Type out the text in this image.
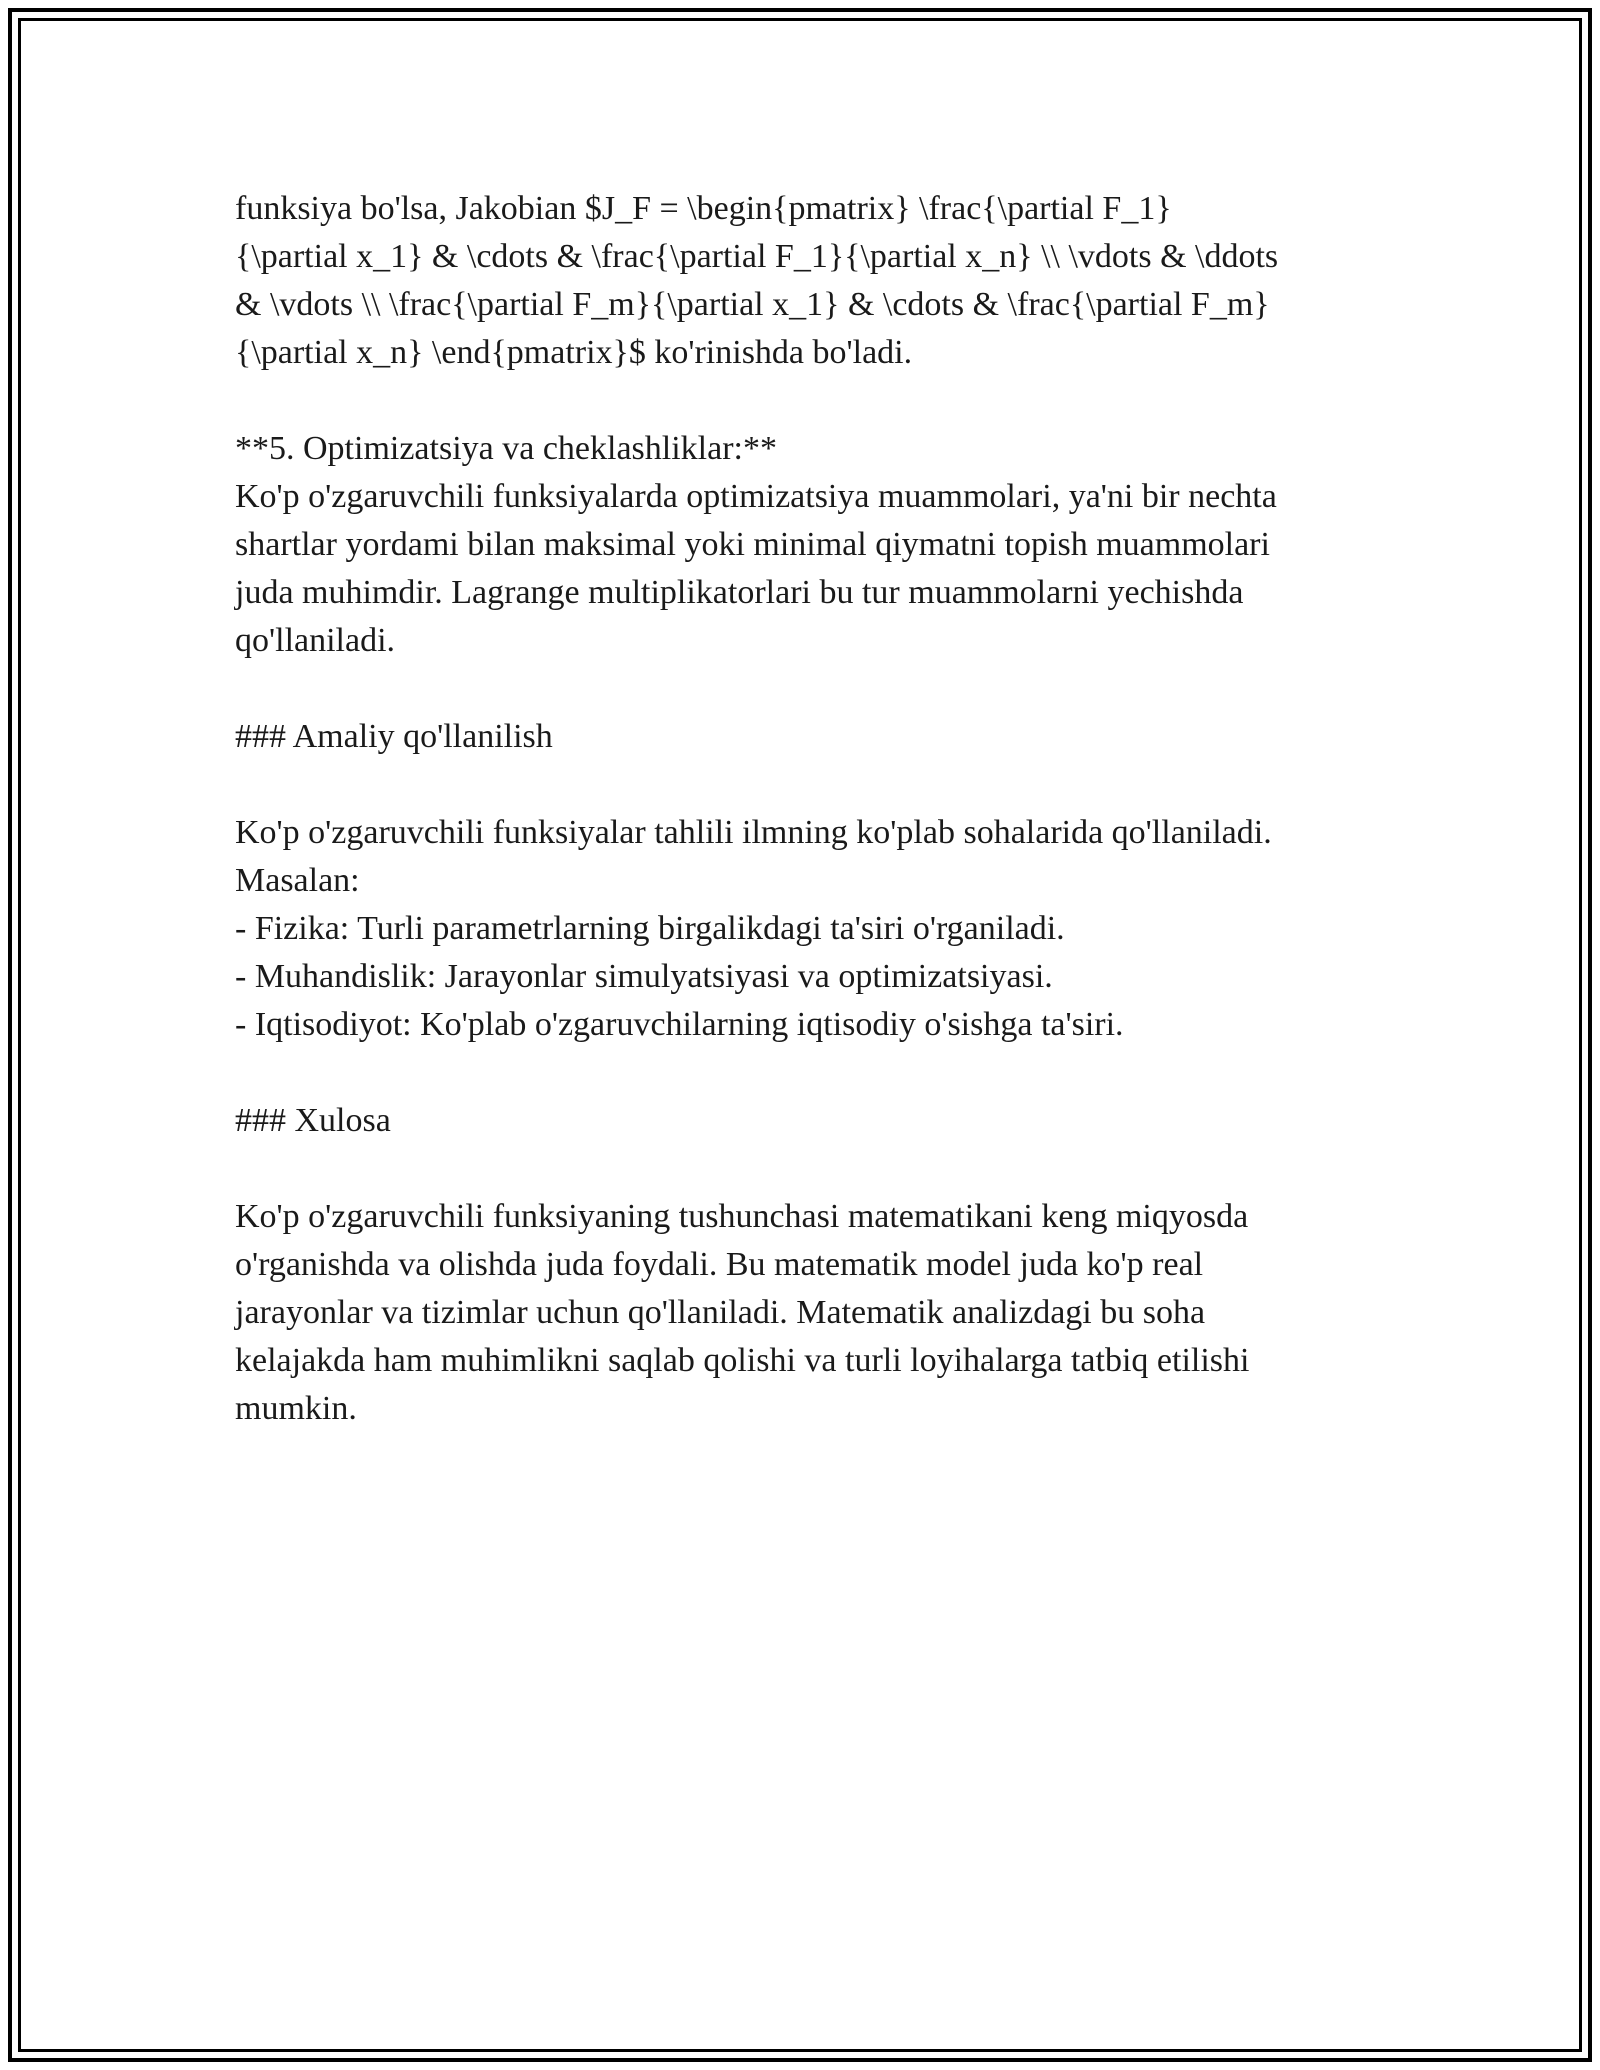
funksiya bo'lsa, Jakobian $J_F = \begin{pmatrix} \frac{\partial F_1}

{\partial x_1} & \cdots & \frac{\partial F_1}{\partial x_n} \\ \vdots & \ddots

& \vdots \\ \frac{\partial F_m}{\partial x_1} & \cdots & \frac{\partial F_m}

{\partial x_n} \end{pmatrix}$ ko'rinishda bo'ladi.

**5. Optimizatsiya va cheklashliklar:**

Ko'p o'zgaruvchili funksiyalarda optimizatsiya muammolari, ya'ni bir nechta

shartlar yordami bilan maksimal yoki minimal qiymatni topish muammolari

juda muhimdir. Lagrange multiplikatorlari bu tur muammolarni yechishda

qo'llaniladi.

### Amaliy qo'llanilish

Ko'p o'zgaruvchili funksiyalar tahlili ilmning ko'plab sohalarida qo'llaniladi.

Masalan:

- Fizika: Turli parametrlarning birgalikdagi ta'siri o'rganiladi.

- Muhandislik: Jarayonlar simulyatsiyasi va optimizatsiyasi.

- Iqtisodiyot: Ko'plab o'zgaruvchilarning iqtisodiy o'sishga ta'siri.

### Xulosa

Ko'p o'zgaruvchili funksiyaning tushunchasi matematikani keng miqyosda

o'rganishda va olishda juda foydali. Bu matematik model juda ko'p real

jarayonlar va tizimlar uchun qo'llaniladi. Matematik analizdagi bu soha

kelajakda ham muhimlikni saqlab qolishi va turli loyihalarga tatbiq etilishi

mumkin.
